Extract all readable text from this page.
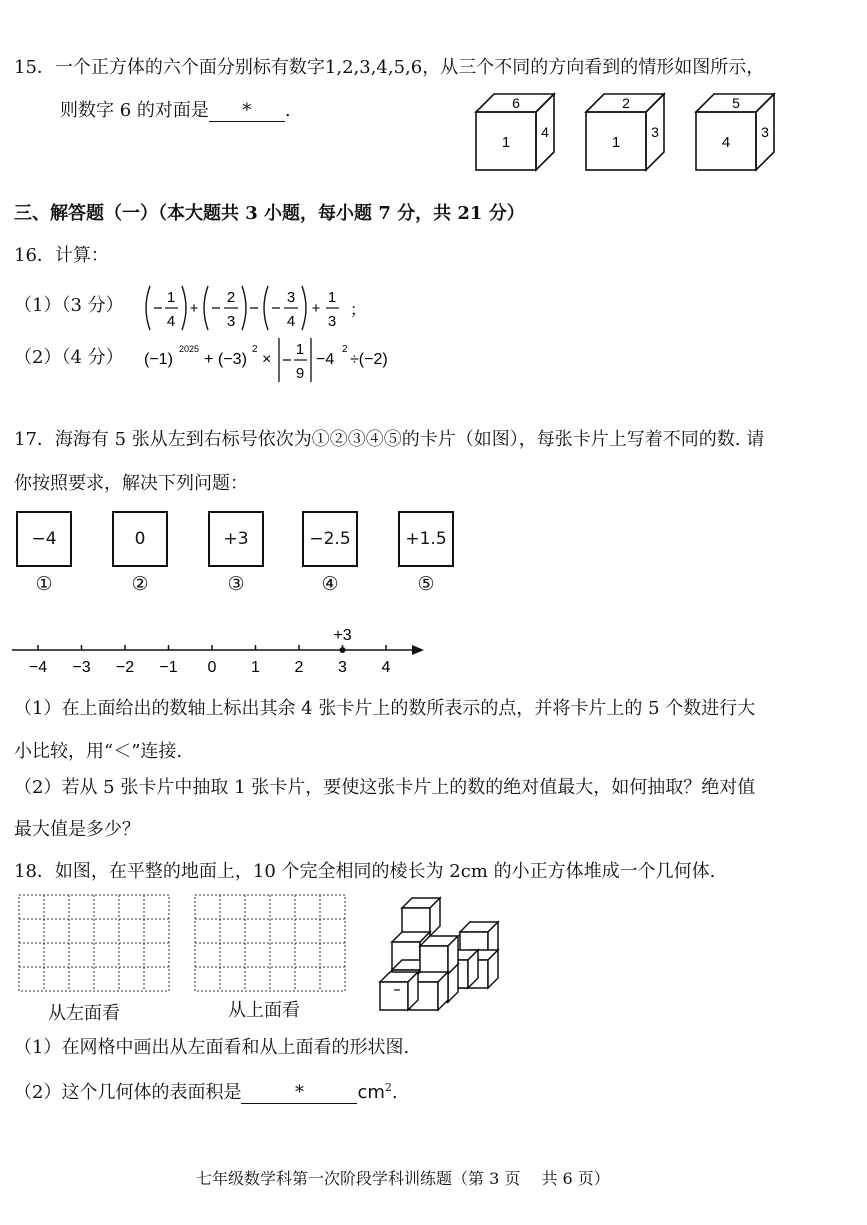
15．一个正方体的六个面分别标有数字1,2,3,4,5,6，从三个不同的方向看到的情形如图所示，
则数字 6 的对面是 * .	6
1
4
2
1
3
5
4
3
三、解答题（一）（本大题共 3 小题，每小题 7 分，共 21 分）
16．计算：
（1）（3 分）
（2）（4 分）
1
4
+
2
3
3
4
+
1
3
；
(−1)
2025
+ (−3)
2
×
1
9
−4
2
÷(−2)
17．海海有 5 张从左到右标号依次为①②③④⑤的卡片（如图），每张卡片上写着不同的数. 请
你按照要求，解决下列问题：
−4	0	+3	−2.5	+1.5
①	②	③	④	⑤
−4 −3 −2 −1 0 1 2 3 4
+3
（1）在上面给出的数轴上标出其余 4 张卡片上的数所表示的点，并将卡片上的 5 个数进行大
小比较，用“＜”连接.
（2）若从 5 张卡片中抽取 1 张卡片，要使这张卡片上的数的绝对值最大，如何抽取？绝对值
最大值是多少？
18．如图，在平整的地面上，10 个完全相同的棱长为 2cm 的小正方体堆成一个几何体.
从左面看	从上面看
（1）在网格中画出从左面看和从上面看的形状图.
（2）这个几何体的表面积是	*	$cm^2$.
七年级数学科第一次阶段学科训练题（第 3 页　 共 6 页）
